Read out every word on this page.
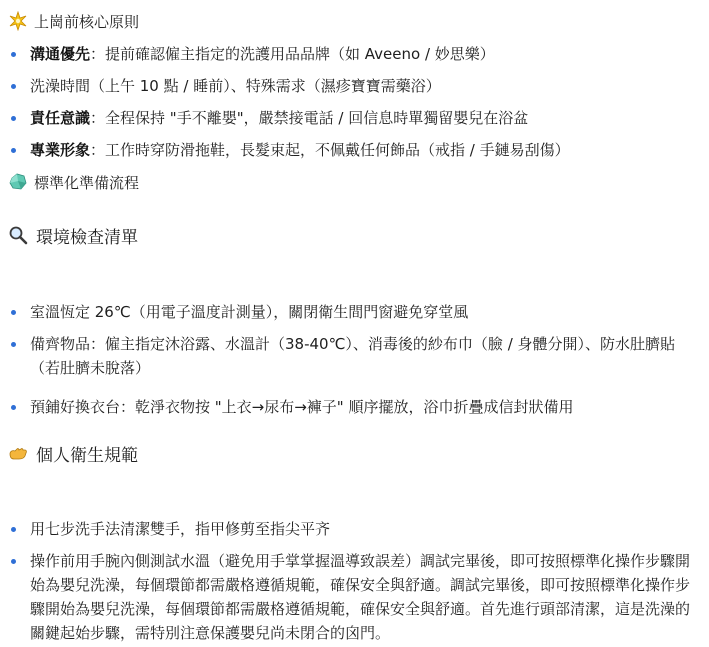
上崗前核心原則
溝通優先：提前確認僱主指定的洗護用品品牌（如 Aveeno / 妙思樂）
洗澡時間（上午 10 點 / 睡前）、特殊需求（濕疹寶寶需藥浴）
責任意識：全程保持 "手不離嬰"，嚴禁接電話 / 回信息時單獨留嬰兒在浴盆
專業形象：工作時穿防滑拖鞋，長髮束起，不佩戴任何飾品（戒指 / 手鏈易刮傷）
標準化準備流程
環境檢查清單
室溫恆定 26℃（用電子溫度計測量），關閉衛生間門窗避免穿堂風
備齊物品：僱主指定沐浴露、水溫計（38-40℃）、消毒後的紗布巾（臉 / 身體分開）、防水肚臍貼（若肚臍未脫落）
預鋪好換衣台：乾淨衣物按 "上衣→尿布→褲子" 順序擺放，浴巾折疊成信封狀備用
個人衛生規範
用七步洗手法清潔雙手，指甲修剪至指尖平齐
操作前用手腕內側測試水溫（避免用手掌掌握溫導致誤差）調試完畢後，即可按照標準化操作步驟開始為嬰兒洗澡，每個環節都需嚴格遵循規範，確保安全與舒適。調試完畢後，即可按照標準化操作步驟開始為嬰兒洗澡，每個環節都需嚴格遵循規範，確保安全與舒適。首先進行頭部清潔，這是洗澡的關鍵起始步驟，需特別注意保護嬰兒尚未閉合的囟門。
